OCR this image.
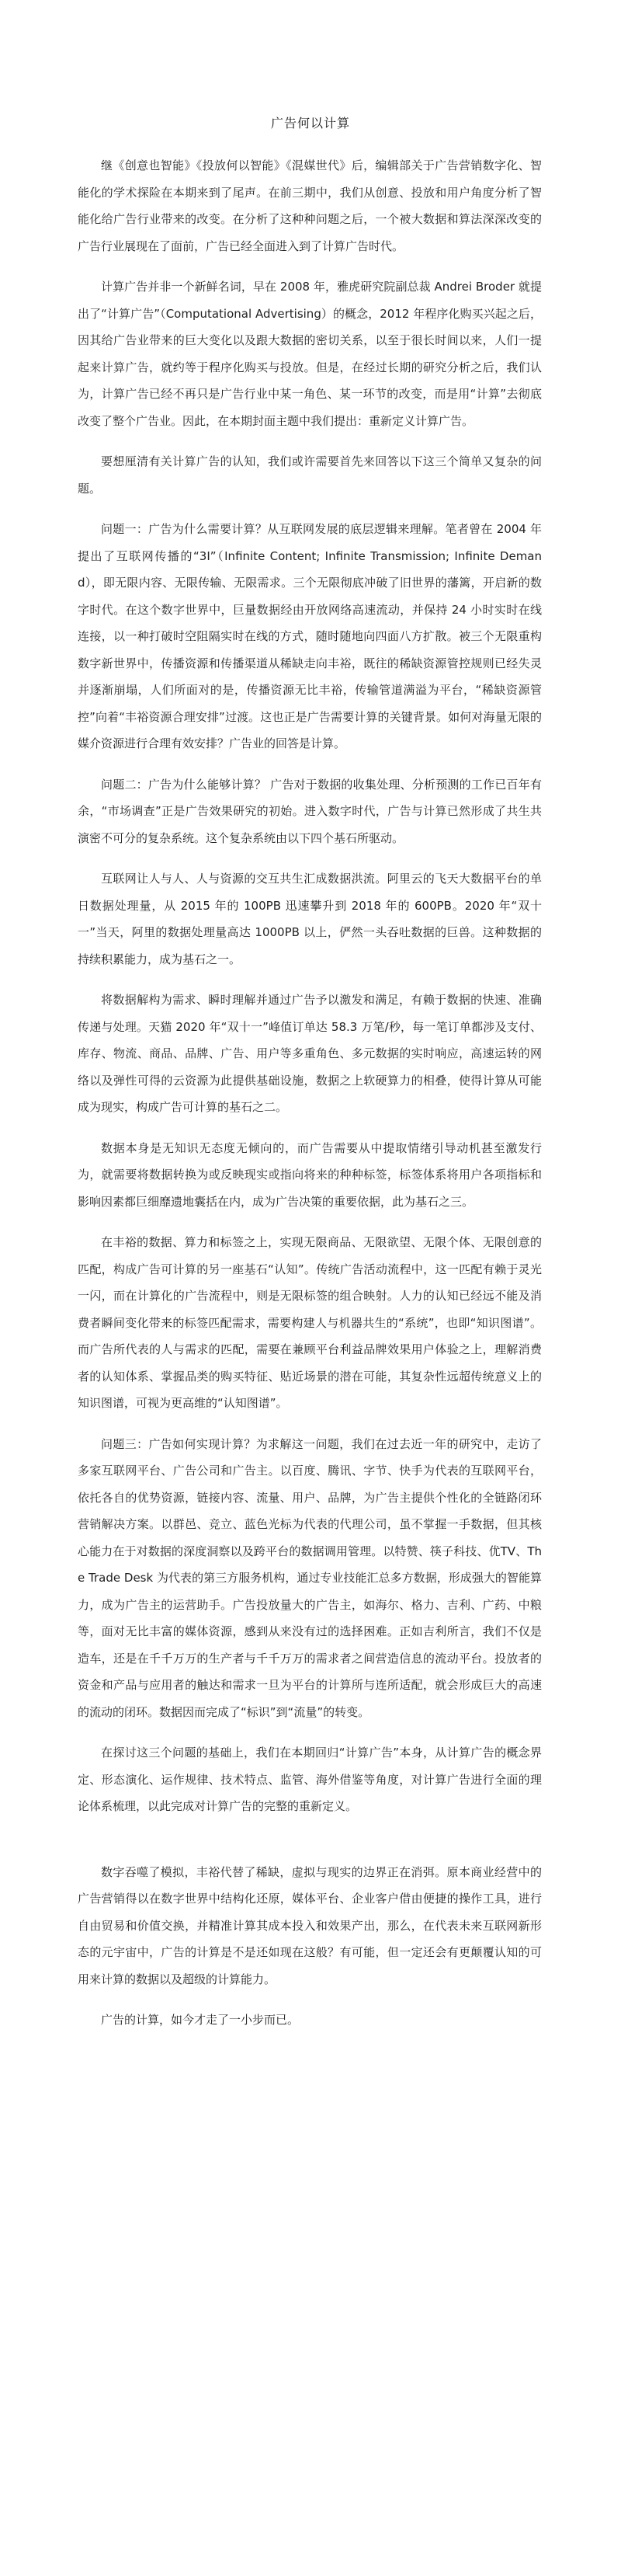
广告何以计算

继《创意也智能》《投放何以智能》《混媒世代》后，编辑部关于广告营销数字化、智能化的学术探险在本期来到了尾声。在前三期中，我们从创意、投放和用户角度分析了智能化给广告行业带来的改变。在分析了这种种问题之后，一个被大数据和算法深深改变的广告行业展现在了面前，广告已经全面进入到了计算广告时代。

计算广告并非一个新鲜名词，早在 2008 年，雅虎研究院副总裁 Andrei Broder 就提出了“计算广告”（Computational Advertising）的概念，2012 年程序化购买兴起之后，因其给广告业带来的巨大变化以及跟大数据的密切关系，以至于很长时间以来，人们一提起来计算广告，就约等于程序化购买与投放。但是，在经过长期的研究分析之后，我们认为，计算广告已经不再只是广告行业中某一角色、某一环节的改变，而是用“计算”去彻底改变了整个广告业。因此，在本期封面主题中我们提出：重新定义计算广告。

要想厘清有关计算广告的认知，我们或许需要首先来回答以下这三个简单又复杂的问题。

问题一：广告为什么需要计算？从互联网发展的底层逻辑来理解。笔者曾在 2004 年提出了互联网传播的“3I”（Infinite Content; Infinite Transmission; Infinite Demand），即无限内容、无限传输、无限需求。三个无限彻底冲破了旧世界的藩篱，开启新的数字时代。在这个数字世界中，巨量数据经由开放网络高速流动，并保持 24 小时实时在线连接，以一种打破时空阻隔实时在线的方式，随时随地向四面八方扩散。被三个无限重构数字新世界中，传播资源和传播渠道从稀缺走向丰裕，既往的稀缺资源管控规则已经失灵并逐渐崩塌，人们所面对的是，传播资源无比丰裕，传输管道满溢为平台，“稀缺资源管控”向着“丰裕资源合理安排”过渡。这也正是广告需要计算的关键背景。如何对海量无限的媒介资源进行合理有效安排？广告业的回答是计算。

问题二：广告为什么能够计算？ 广告对于数据的收集处理、分析预测的工作已百年有余，“市场调查”正是广告效果研究的初始。进入数字时代，广告与计算已然形成了共生共演密不可分的复杂系统。这个复杂系统由以下四个基石所驱动。

互联网让人与人、人与资源的交互共生汇成数据洪流。阿里云的飞天大数据平台的单日数据处理量，从 2015 年的 100PB 迅速攀升到 2018 年的 600PB。2020 年“双十一”当天，阿里的数据处理量高达 1000PB 以上，俨然一头吞吐数据的巨兽。这种数据的持续积累能力，成为基石之一。

将数据解构为需求、瞬时理解并通过广告予以激发和满足，有赖于数据的快速、准确传递与处理。天猫 2020 年“双十一”峰值订单达 58.3 万笔/秒，每一笔订单都涉及支付、库存、物流、商品、品牌、广告、用户等多重角色、多元数据的实时响应，高速运转的网络以及弹性可得的云资源为此提供基础设施，数据之上软硬算力的相叠，使得计算从可能成为现实，构成广告可计算的基石之二。

数据本身是无知识无态度无倾向的，而广告需要从中提取情绪引导动机甚至激发行为，就需要将数据转换为或反映现实或指向将来的种种标签，标签体系将用户各项指标和影响因素都巨细靡遗地囊括在内，成为广告决策的重要依据，此为基石之三。

在丰裕的数据、算力和标签之上，实现无限商品、无限欲望、无限个体、无限创意的匹配，构成广告可计算的另一座基石“认知”。传统广告活动流程中，这一匹配有赖于灵光一闪，而在计算化的广告流程中，则是无限标签的组合映射。人力的认知已经远不能及消费者瞬间变化带来的标签匹配需求，需要构建人与机器共生的“系统”，也即“知识图谱”。而广告所代表的人与需求的匹配，需要在兼顾平台利益品牌效果用户体验之上，理解消费者的认知体系、掌握品类的购买特征、贴近场景的潜在可能，其复杂性远超传统意义上的知识图谱，可视为更高维的“认知图谱”。

问题三：广告如何实现计算？为求解这一问题，我们在过去近一年的研究中，走访了多家互联网平台、广告公司和广告主。以百度、腾讯、字节、快手为代表的互联网平台，依托各自的优势资源，链接内容、流量、用户、品牌，为广告主提供个性化的全链路闭环营销解决方案。以群邑、竞立、蓝色光标为代表的代理公司，虽不掌握一手数据，但其核心能力在于对数据的深度洞察以及跨平台的数据调用管理。以特赞、筷子科技、优TV、The Trade Desk 为代表的第三方服务机构，通过专业技能汇总多方数据，形成强大的智能算力，成为广告主的运营助手。广告投放量大的广告主，如海尔、格力、吉利、广药、中粮等，面对无比丰富的媒体资源，感到从来没有过的选择困难。正如吉利所言，我们不仅是造车，还是在千千万万的生产者与千千万万的需求者之间营造信息的流动平台。投放者的资金和产品与应用者的触达和需求一旦为平台的计算所与连所适配，就会形成巨大的高速的流动的闭环。数据因而完成了“标识”到“流量”的转变。

在探讨这三个问题的基础上，我们在本期回归“计算广告”本身，从计算广告的概念界定、形态演化、运作规律、技术特点、监管、海外借鉴等角度，对计算广告进行全面的理论体系梳理，以此完成对计算广告的完整的重新定义。

数字吞噬了模拟，丰裕代替了稀缺，虚拟与现实的边界正在消弭。原本商业经营中的广告营销得以在数字世界中结构化还原，媒体平台、企业客户借由便捷的操作工具，进行自由贸易和价值交换，并精准计算其成本投入和效果产出，那么，在代表未来互联网新形态的元宇宙中，广告的计算是不是还如现在这般？有可能，但一定还会有更颠覆认知的可用来计算的数据以及超级的计算能力。

广告的计算，如今才走了一小步而已。
